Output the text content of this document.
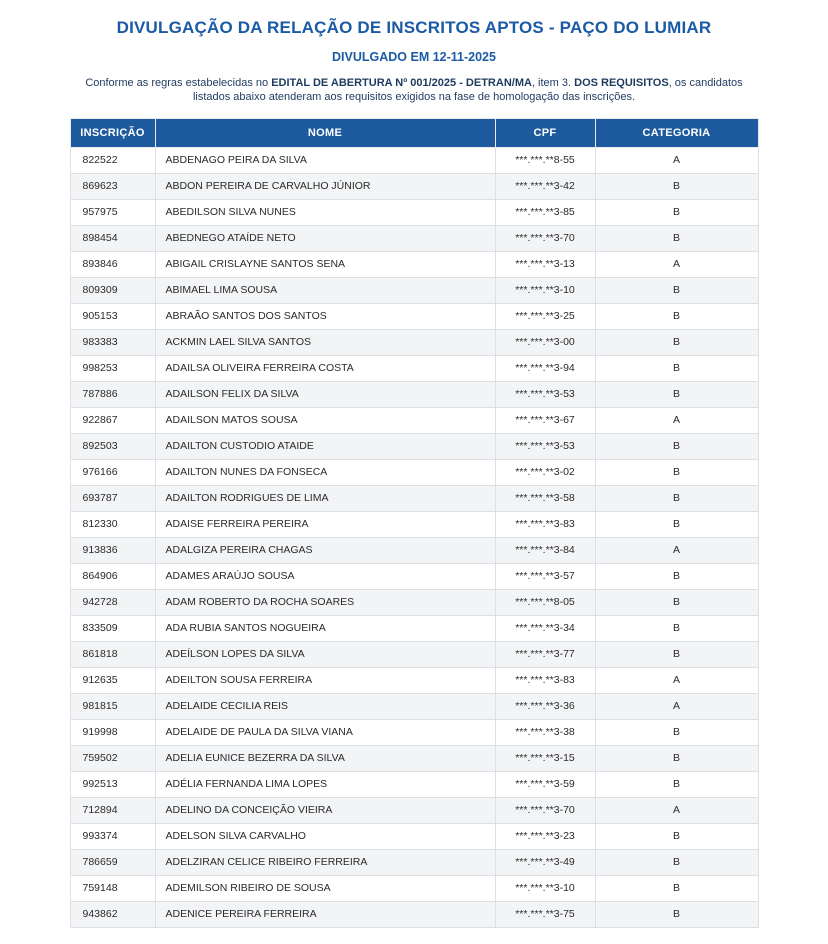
DIVULGAÇÃO DA RELAÇÃO DE INSCRITOS APTOS - PAÇO DO LUMIAR
DIVULGADO EM 12-11-2025

Conforme as regras estabelecidas no EDITAL DE ABERTURA Nº 001/2025 - DETRAN/MA, item 3. DOS REQUISITOS, os candidatos listados abaixo atenderam aos requisitos exigidos na fase de homologação das inscrições.

INSCRIÇÃO	NOME	CPF	CATEGORIA
822522	ABDENAGO PEIRA DA SILVA	***.***.**8-55	A
869623	ABDON PEREIRA DE CARVALHO JÚNIOR	***.***.**3-42	B
957975	ABEDILSON SILVA NUNES	***.***.**3-85	B
898454	ABEDNEGO ATAÍDE NETO	***.***.**3-70	B
893846	ABIGAIL CRISLAYNE SANTOS SENA	***.***.**3-13	A
809309	ABIMAEL LIMA SOUSA	***.***.**3-10	B
905153	ABRAÃO SANTOS DOS SANTOS	***.***.**3-25	B
983383	ACKMIN LAEL SILVA SANTOS	***.***.**3-00	B
998253	ADAILSA OLIVEIRA FERREIRA COSTA	***.***.**3-94	B
787886	ADAILSON FELIX DA SILVA	***.***.**3-53	B
922867	ADAILSON MATOS SOUSA	***.***.**3-67	A
892503	ADAILTON CUSTODIO ATAIDE	***.***.**3-53	B
976166	ADAILTON NUNES DA FONSECA	***.***.**3-02	B
693787	ADAILTON RODRIGUES DE LIMA	***.***.**3-58	B
812330	ADAISE FERREIRA PEREIRA	***.***.**3-83	B
913836	ADALGIZA PEREIRA CHAGAS	***.***.**3-84	A
864906	ADAMES ARAÚJO SOUSA	***.***.**3-57	B
942728	ADAM ROBERTO DA ROCHA SOARES	***.***.**8-05	B
833509	ADA RUBIA SANTOS NOGUEIRA	***.***.**3-34	B
861818	ADEÍLSON LOPES DA SILVA	***.***.**3-77	B
912635	ADEILTON SOUSA FERREIRA	***.***.**3-83	A
981815	ADELAIDE CECILIA REIS	***.***.**3-36	A
919998	ADELAIDE DE PAULA DA SILVA VIANA	***.***.**3-38	B
759502	ADELIA EUNICE BEZERRA DA SILVA	***.***.**3-15	B
992513	ADÉLIA FERNANDA LIMA LOPES	***.***.**3-59	B
712894	ADELINO DA CONCEIÇÃO VIEIRA	***.***.**3-70	A
993374	ADELSON SILVA CARVALHO	***.***.**3-23	B
786659	ADELZIRAN CELICE RIBEIRO FERREIRA	***.***.**3-49	B
759148	ADEMILSON RIBEIRO DE SOUSA	***.***.**3-10	B
943862	ADENICE PEREIRA FERREIRA	***.***.**3-75	B
